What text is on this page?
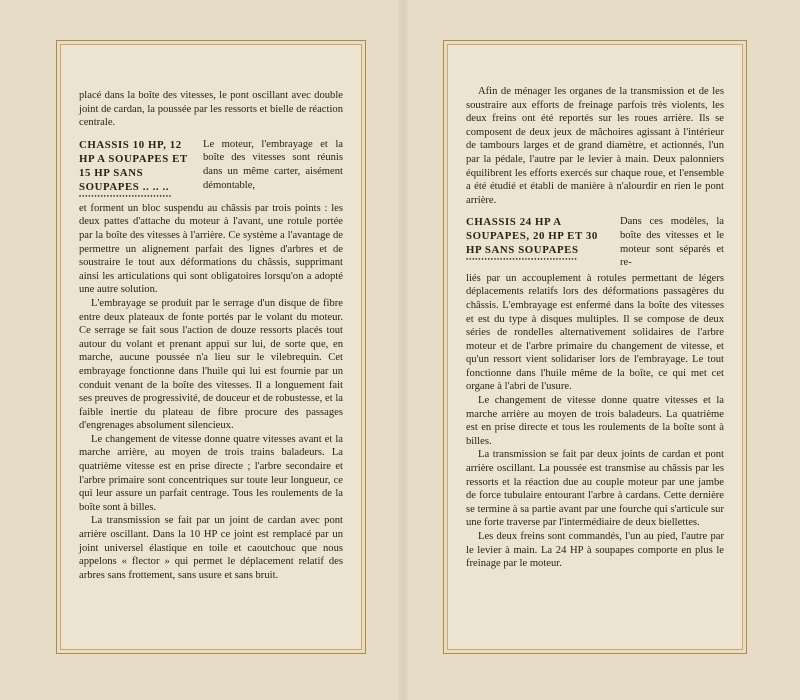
placé dans la boîte des vitesses, le pont oscillant avec double joint de cardan, la poussée par les ressorts et bielle de réaction centrale.

CHASSIS 10 HP, 12 HP A SOUPAPES ET 15 HP SANS SOUPAPES .. .. ..
••••••••••••••••••••••••••••••

Le moteur, l'embrayage et la boîte des vitesses sont réunis dans un même carter, aisément démontable,

et forment un bloc suspendu au châssis par trois points : les deux pattes d'attache du moteur à l'avant, une rotule portée par la boîte des vitesses à l'arrière. Ce système a l'avantage de permettre un alignement parfait des lignes d'arbres et de soustraire le tout aux déformations du châssis, supprimant ainsi les articulations qui sont obligatoires lorsqu'on a adopté une autre solution.

L'embrayage se produit par le serrage d'un disque de fibre entre deux plateaux de fonte portés par le volant du moteur. Ce serrage se fait sous l'action de douze ressorts placés tout autour du volant et prenant appui sur lui, de sorte que, en marche, aucune poussée n'a lieu sur le vilebrequin. Cet embrayage fonctionne dans l'huile qui lui est fournie par un conduit venant de la boîte des vitesses. Il a longuement fait ses preuves de progressivité, de douceur et de robustesse, et la faible inertie du plateau de fibre procure des passages d'engrenages absolument silencieux.

Le changement de vitesse donne quatre vitesses avant et la marche arrière, au moyen de trois trains baladeurs. La quatrième vitesse est en prise directe ; l'arbre secondaire et l'arbre primaire sont concentriques sur toute leur longueur, ce qui leur assure un parfait centrage. Tous les roulements de la boîte sont à billes.

La transmission se fait par un joint de cardan avec pont arrière oscillant. Dans la 10 HP ce joint est remplacé par un joint universel élastique en toile et caoutchouc que nous appelons « flector » qui permet le déplacement relatif des arbres sans frottement, sans usure et sans bruit.

Afin de ménager les organes de la transmission et de les soustraire aux efforts de freinage parfois très violents, les deux freins ont été reportés sur les roues arrière. Ils se composent de deux jeux de mâchoires agissant à l'intérieur de tambours larges et de grand diamètre, et actionnés, l'un par la pédale, l'autre par le levier à main. Deux palonniers équilibrent les efforts exercés sur chaque roue, et l'ensemble a été étudié et établi de manière à n'alourdir en rien le pont arrière.

CHASSIS 24 HP A SOUPAPES, 20 HP ET 30 HP SANS SOUPAPES
••••••••••••••••••••••••••••••••••••

Dans ces modèles, la boîte des vitesses et le moteur sont séparés et re-

liés par un accouplement à rotules permettant de légers déplacements relatifs lors des déformations passagères du châssis. L'embrayage est enfermé dans la boîte des vitesses et est du type à disques multiples. Il se compose de deux séries de rondelles alternativement solidaires de l'arbre moteur et de l'arbre primaire du changement de vitesse, et qu'un ressort vient solidariser lors de l'embrayage. Le tout fonctionne dans l'huile même de la boîte, ce qui met cet organe à l'abri de l'usure.

Le changement de vitesse donne quatre vitesses et la marche arrière au moyen de trois baladeurs. La quatrième est en prise directe et tous les roulements de la boîte sont à billes.

La transmission se fait par deux joints de cardan et pont arrière oscillant. La poussée est transmise au châssis par les ressorts et la réaction due au couple moteur par une jambe de force tubulaire entourant l'arbre à cardans. Cette dernière se termine à sa partie avant par une fourche qui s'articule sur une forte traverse par l'intermédiaire de deux biellettes.

Les deux freins sont commandés, l'un au pied, l'autre par le levier à main. La 24 HP à soupapes comporte en plus le freinage par le moteur.
